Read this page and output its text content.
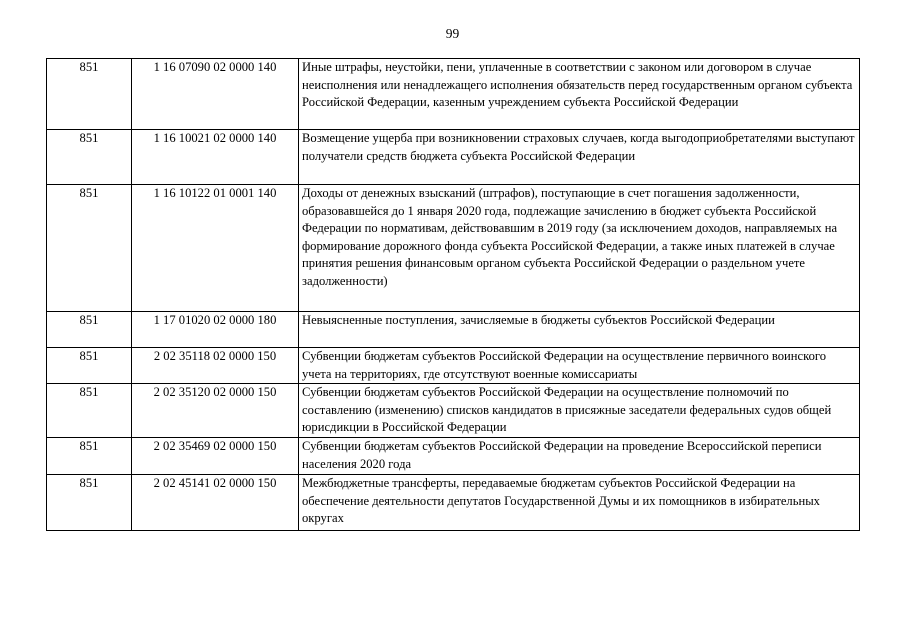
99
851	1 16 07090 02 0000 140	Иные штрафы, неустойки, пени, уплаченные в соответствии с законом или договором в случае неисполнения или ненадлежащего исполнения обязательств перед государственным органом субъекта Российской Федерации, казенным учреждением субъекта Российской Федерации
851	1 16 10021 02 0000 140	Возмещение ущерба при возникновении страховых случаев, когда выгодоприобретателями выступают получатели средств бюджета субъекта Российской Федерации
851	1 16 10122 01 0001 140	Доходы от денежных взысканий (штрафов), поступающие в счет погашения задолженности, образовавшейся до 1 января 2020 года, подлежащие зачислению в бюджет субъекта Российской Федерации по нормативам, действовавшим в 2019 году (за исключением доходов, направляемых на формирование дорожного фонда субъекта Российской Федерации, а также иных платежей в случае принятия решения финансовым органом субъекта Российской Федерации о раздельном учете задолженности)
851	1 17 01020 02 0000 180	Невыясненные поступления, зачисляемые в бюджеты субъектов Российской Федерации
851	2 02 35118 02 0000 150	Субвенции бюджетам субъектов Российской Федерации на осуществление первичного воинского учета на территориях, где отсутствуют военные комиссариаты
851	2 02 35120 02 0000 150	Субвенции бюджетам субъектов Российской Федерации на осуществление полномочий по составлению (изменению) списков кандидатов в присяжные заседатели федеральных судов общей юрисдикции в Российской Федерации
851	2 02 35469 02 0000 150	Субвенции бюджетам субъектов Российской Федерации на проведение Всероссийской переписи населения 2020 года
851	2 02 45141 02 0000 150	Межбюджетные трансферты, передаваемые бюджетам субъектов Российской Федерации на обеспечение деятельности депутатов Государственной Думы и их помощников в избирательных округах
